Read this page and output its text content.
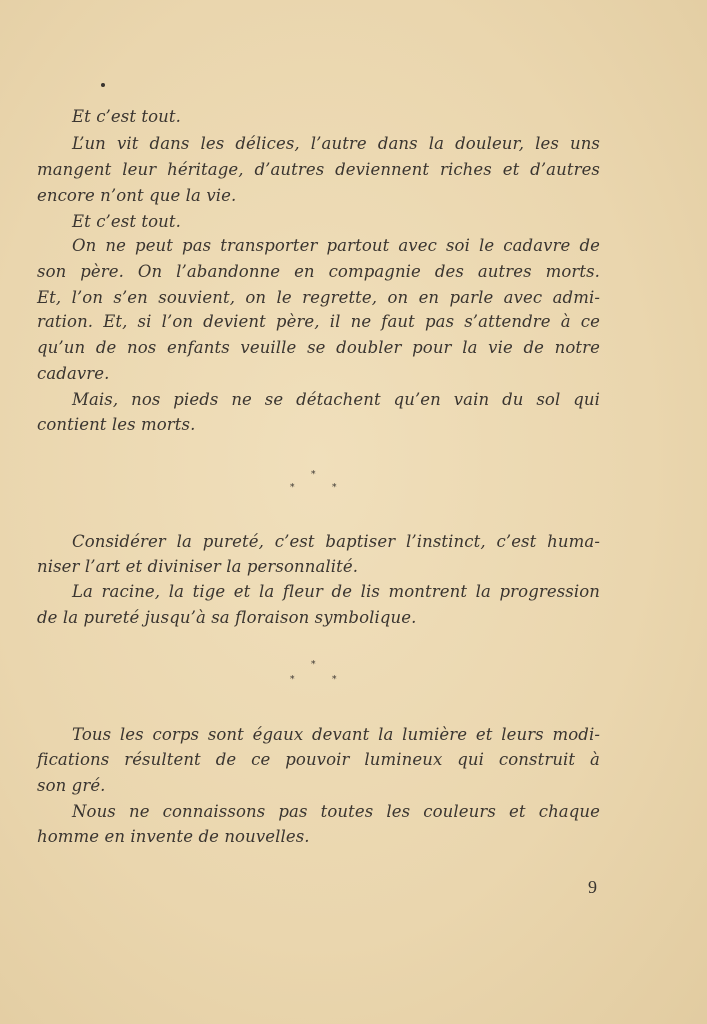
Et c’est tout.
L’un vit dans les délices, l’autre dans la douleur, les uns
mangent leur héritage, d’autres deviennent riches et d’autres
encore n’ont que la vie.
Et c’est tout.
On ne peut pas transporter partout avec soi le cadavre de
son père. On l’abandonne en compagnie des autres morts.
Et, l’on s’en souvient, on le regrette, on en parle avec admi-
ration. Et, si l’on devient père, il ne faut pas s’attendre à ce
qu’un de nos enfants veuille se doubler pour la vie de notre
cadavre.
Mais, nos pieds ne se détachent qu’en vain du sol qui
contient les morts.
*
*	*
Considérer la pureté, c’est baptiser l’instinct, c’est huma-
niser l’art et diviniser la personnalité.
La racine, la tige et la fleur de lis montrent la progression
de la pureté jusqu’à sa floraison symbolique.
*
*	*
Tous les corps sont égaux devant la lumière et leurs modi-
fications résultent de ce pouvoir lumineux qui construit à
son gré.
Nous ne connaissons pas toutes les couleurs et chaque
homme en invente de nouvelles.
9
